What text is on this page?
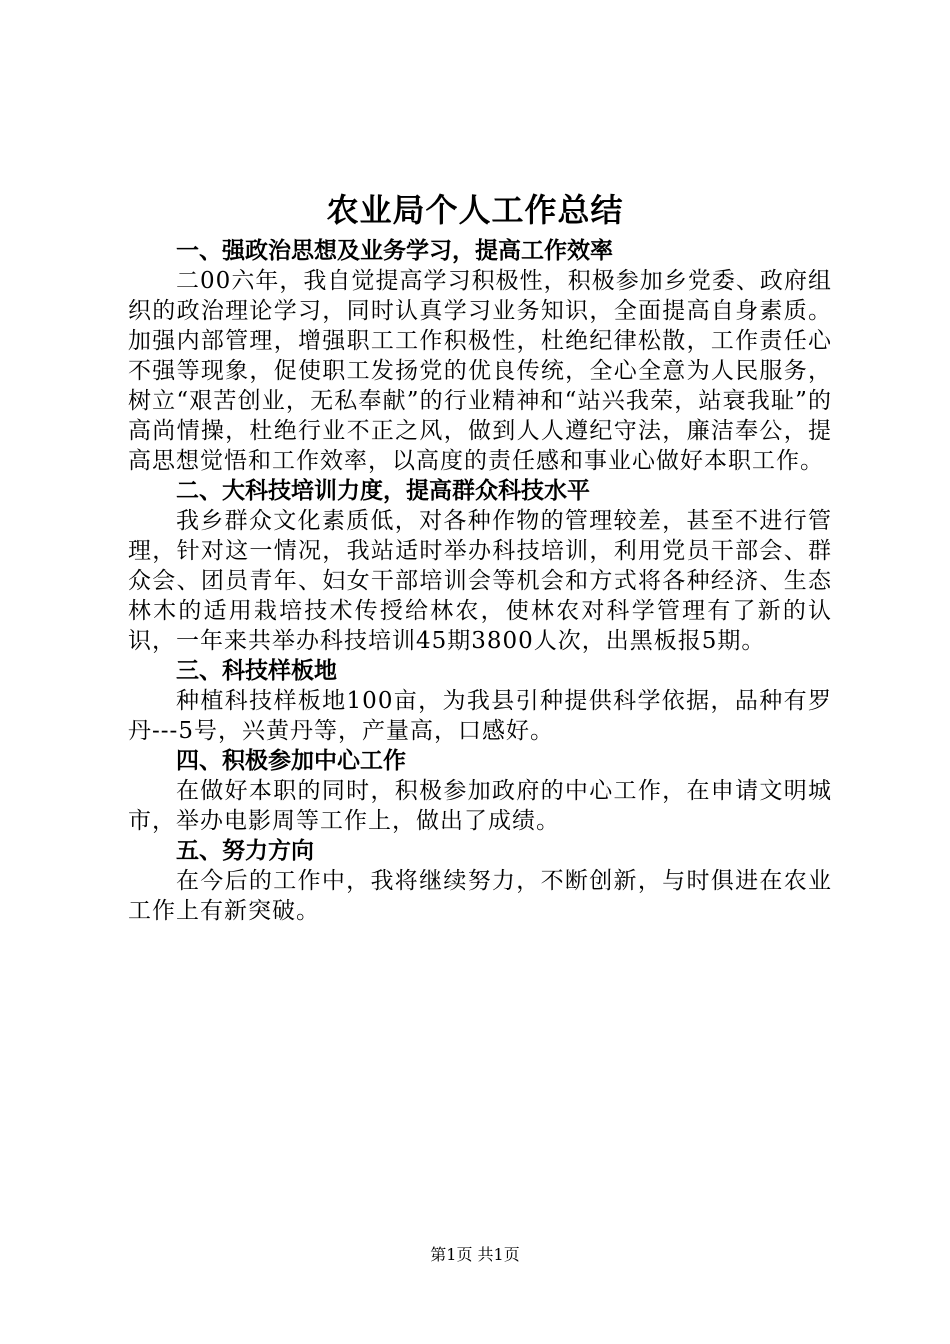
农业局个人工作总结

一、强政治思想及业务学习，提高工作效率

二00六年，我自觉提高学习积极性，积极参加乡党委、政府组织的政治理论学习，同时认真学习业务知识，全面提高自身素质。加强内部管理，增强职工工作积极性，杜绝纪律松散，工作责任心不强等现象，促使职工发扬党的优良传统，全心全意为人民服务，树立“艰苦创业，无私奉献”的行业精神和“站兴我荣，站衰我耻”的高尚情操，杜绝行业不正之风，做到人人遵纪守法，廉洁奉公，提高思想觉悟和工作效率，以高度的责任感和事业心做好本职工作。

二、大科技培训力度，提高群众科技水平

我乡群众文化素质低，对各种作物的管理较差，甚至不进行管理，针对这一情况，我站适时举办科技培训，利用党员干部会、群众会、团员青年、妇女干部培训会等机会和方式将各种经济、生态林木的适用栽培技术传授给林农，使林农对科学管理有了新的认识，一年来共举办科技培训45期3800人次，出黑板报5期。

三、科技样板地

种植科技样板地100亩，为我县引种提供科学依据，品种有罗丹---5号，兴黄丹等，产量高，口感好。

四、积极参加中心工作

在做好本职的同时，积极参加政府的中心工作，在申请文明城市，举办电影周等工作上，做出了成绩。

五、努力方向

在今后的工作中，我将继续努力，不断创新，与时俱进在农业工作上有新突破。

第1页 共1页
